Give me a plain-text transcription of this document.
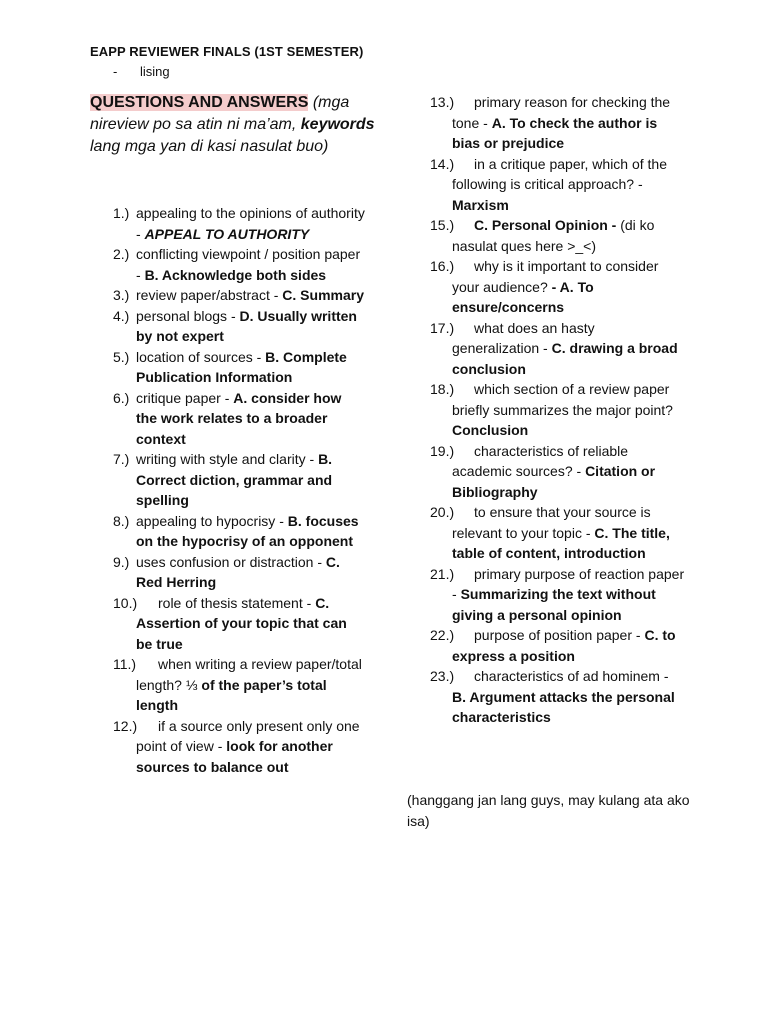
EAPP REVIEWER FINALS (1ST SEMESTER)
- lising
QUESTIONS AND ANSWERS (mga nireview po sa atin ni ma’am, keywords lang mga yan di kasi nasulat buo)
1.) appealing to the opinions of authority - APPEAL TO AUTHORITY
2.) conflicting viewpoint / position paper - B. Acknowledge both sides
3.) review paper/abstract - C. Summary
4.) personal blogs - D. Usually written by not expert
5.) location of sources - B. Complete Publication Information
6.) critique paper - A. consider how the work relates to a broader context
7.) writing with style and clarity - B. Correct diction, grammar and spelling
8.) appealing to hypocrisy - B. focuses on the hypocrisy of an opponent
9.) uses confusion or distraction - C. Red Herring
10.) role of thesis statement - C. Assertion of your topic that can be true
11.) when writing a review paper/total length? ⅓ of the paper’s total length
12.) if a source only present only one point of view - look for another sources to balance out
13.) primary reason for checking the tone - A. To check the author is bias or prejudice
14.) in a critique paper, which of the following is critical approach? - Marxism
15.) C. Personal Opinion - (di ko nasulat ques here >_<)
16.) why is it important to consider your audience? - A. To ensure/concerns
17.) what does an hasty generalization - C. drawing a broad conclusion
18.) which section of a review paper briefly summarizes the major point? Conclusion
19.) characteristics of reliable academic sources? - Citation or Bibliography
20.) to ensure that your source is relevant to your topic - C. The title, table of content, introduction
21.) primary purpose of reaction paper - Summarizing the text without giving a personal opinion
22.) purpose of position paper - C. to express a position
23.) characteristics of ad hominem - B. Argument attacks the personal characteristics
(hanggang jan lang guys, may kulang ata ako isa)
